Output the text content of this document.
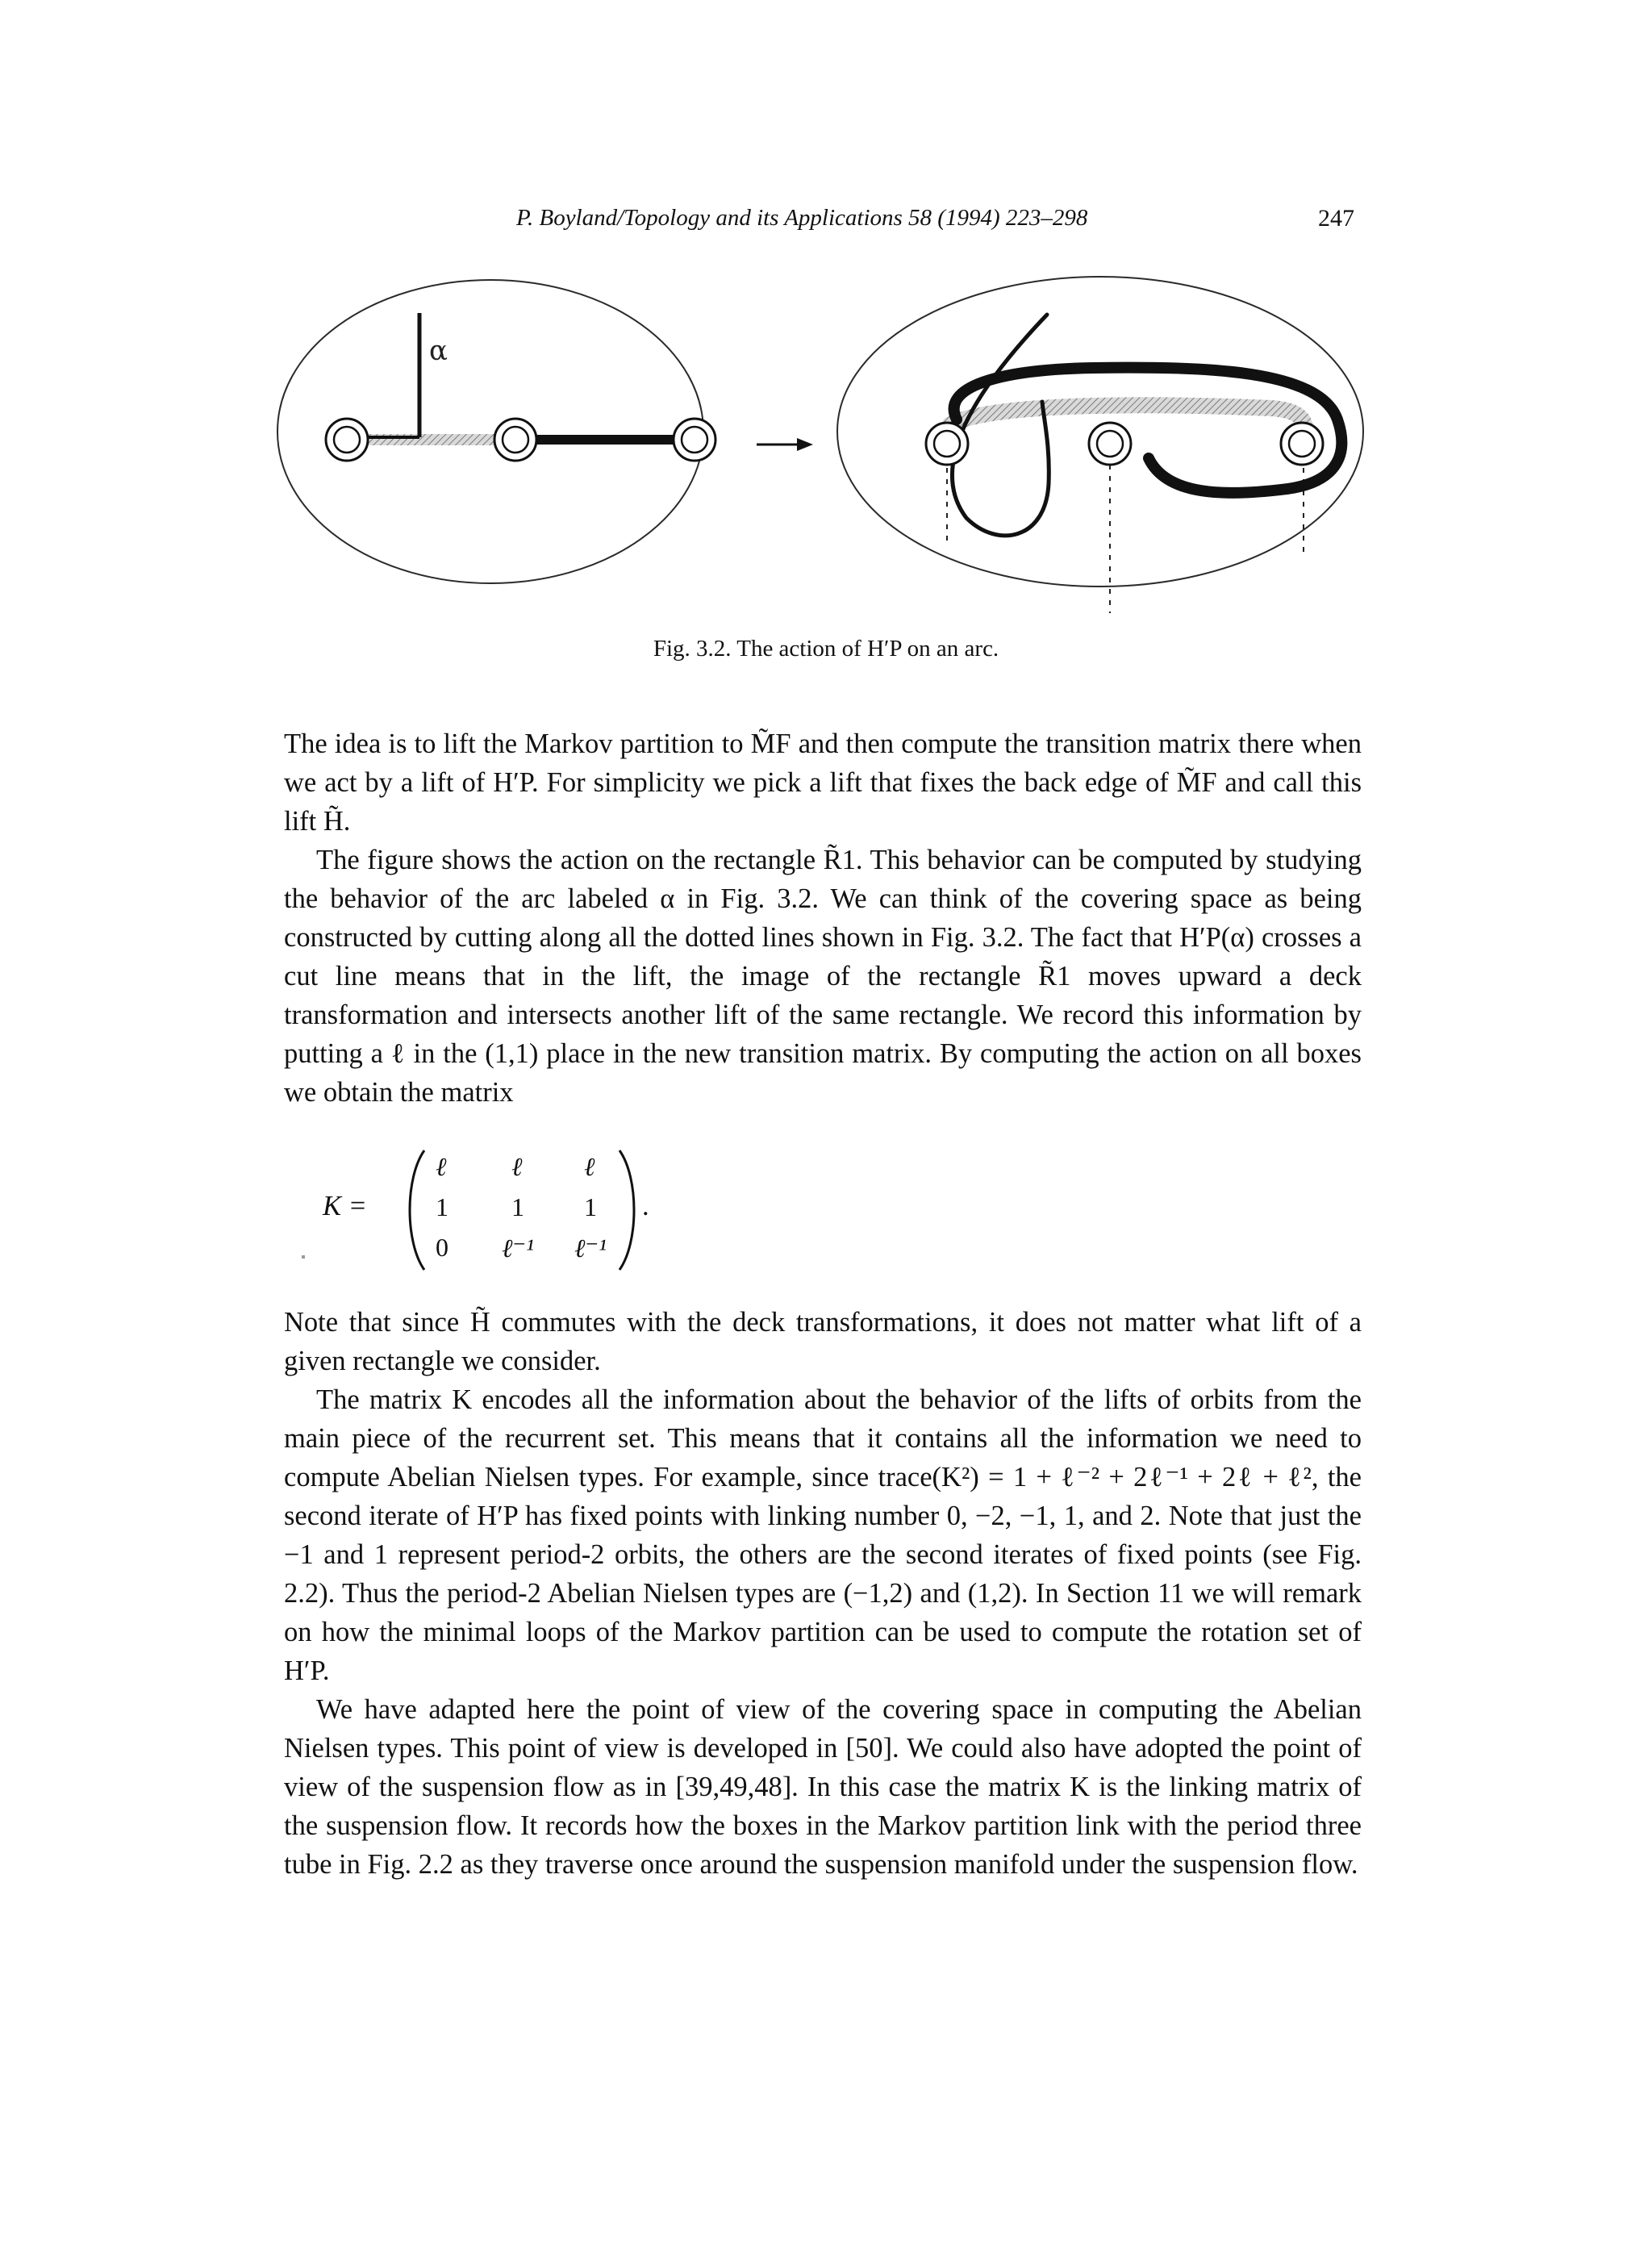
P. Boyland/Topology and its Applications 58 (1994) 223–298	247
α
Fig. 3.2. The action of H′P on an arc.

The idea is to lift the Markov partition to M̃F and then compute the transition matrix there when we act by a lift of H′P. For simplicity we pick a lift that fixes the back edge of M̃F and call this lift H̃.

The figure shows the action on the rectangle R̃1. This behavior can be computed by studying the behavior of the arc labeled α in Fig. 3.2. We can think of the covering space as being constructed by cutting along all the dotted lines shown in Fig. 3.2. The fact that H′P(α) crosses a cut line means that in the lift, the image of the rectangle R̃1 moves upward a deck transformation and intersects another lift of the same rectangle. We record this information by putting a ℓ in the (1,1) place in the new transition matrix. By computing the action on all boxes we obtain the matrix

K =
ℓ	ℓ ℓ
1 1 1
0 ℓ⁻¹ ℓ⁻¹
.

Note that since H̃ commutes with the deck transformations, it does not matter what lift of a given rectangle we consider.

The matrix K encodes all the information about the behavior of the lifts of orbits from the main piece of the recurrent set. This means that it contains all the information we need to compute Abelian Nielsen types. For example, since trace(K²) = 1 + ℓ⁻² + 2ℓ⁻¹ + 2ℓ + ℓ², the second iterate of H′P has fixed points with linking number 0, −2, −1, 1, and 2. Note that just the −1 and 1 represent period-2 orbits, the others are the second iterates of fixed points (see Fig. 2.2). Thus the period-2 Abelian Nielsen types are (−1,2) and (1,2). In Section 11 we will remark on how the minimal loops of the Markov partition can be used to compute the rotation set of H′P.

We have adapted here the point of view of the covering space in computing the Abelian Nielsen types. This point of view is developed in [50]. We could also have adopted the point of view of the suspension flow as in [39,49,48]. In this case the matrix K is the linking matrix of the suspension flow. It records how the boxes in the Markov partition link with the period three tube in Fig. 2.2 as they traverse once around the suspension manifold under the suspension flow.
